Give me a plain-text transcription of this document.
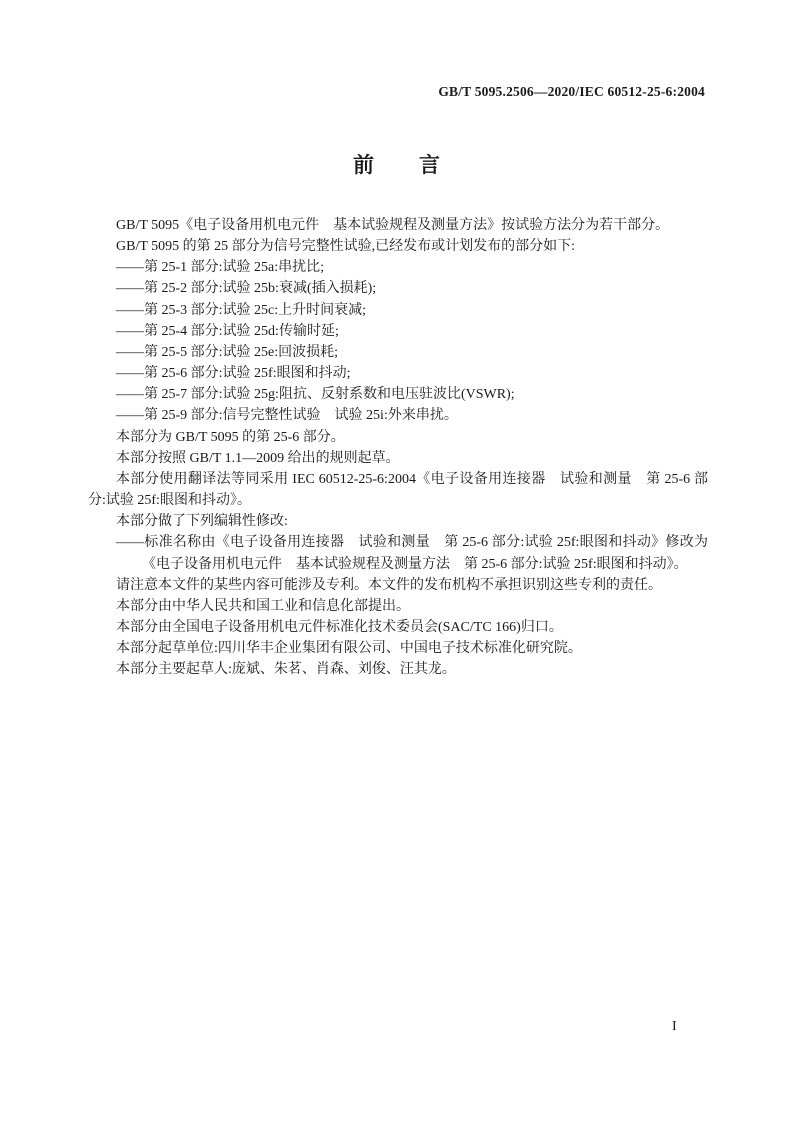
GB/T 5095.2506—2020/IEC 60512-25-6:2004
前　　言

GB/T 5095《电子设备用机电元件　基本试验规程及测量方法》按试验方法分为若干部分。

GB/T 5095 的第 25 部分为信号完整性试验,已经发布或计划发布的部分如下:

——第 25-1 部分:试验 25a:串扰比;

——第 25-2 部分:试验 25b:衰减(插入损耗);

——第 25-3 部分:试验 25c:上升时间衰减;

——第 25-4 部分:试验 25d:传输时延;

——第 25-5 部分:试验 25e:回波损耗;

——第 25-6 部分:试验 25f:眼图和抖动;

——第 25-7 部分:试验 25g:阻抗、反射系数和电压驻波比(VSWR);

——第 25-9 部分:信号完整性试验　试验 25i:外来串扰。

本部分为 GB/T 5095 的第 25-6 部分。

本部分按照 GB/T 1.1—2009 给出的规则起草。

本部分使用翻译法等同采用 IEC 60512-25-6:2004《电子设备用连接器　试验和测量　第 25-6 部分:试验 25f:眼图和抖动》。

本部分做了下列编辑性修改:

——标准名称由《电子设备用连接器　试验和测量　第 25-6 部分:试验 25f:眼图和抖动》修改为《电子设备用机电元件　基本试验规程及测量方法　第 25-6 部分:试验 25f:眼图和抖动》。

请注意本文件的某些内容可能涉及专利。本文件的发布机构不承担识别这些专利的责任。

本部分由中华人民共和国工业和信息化部提出。

本部分由全国电子设备用机电元件标准化技术委员会(SAC/TC 166)归口。

本部分起草单位:四川华丰企业集团有限公司、中国电子技术标准化研究院。

本部分主要起草人:庞斌、朱茗、肖森、刘俊、汪其龙。

I
